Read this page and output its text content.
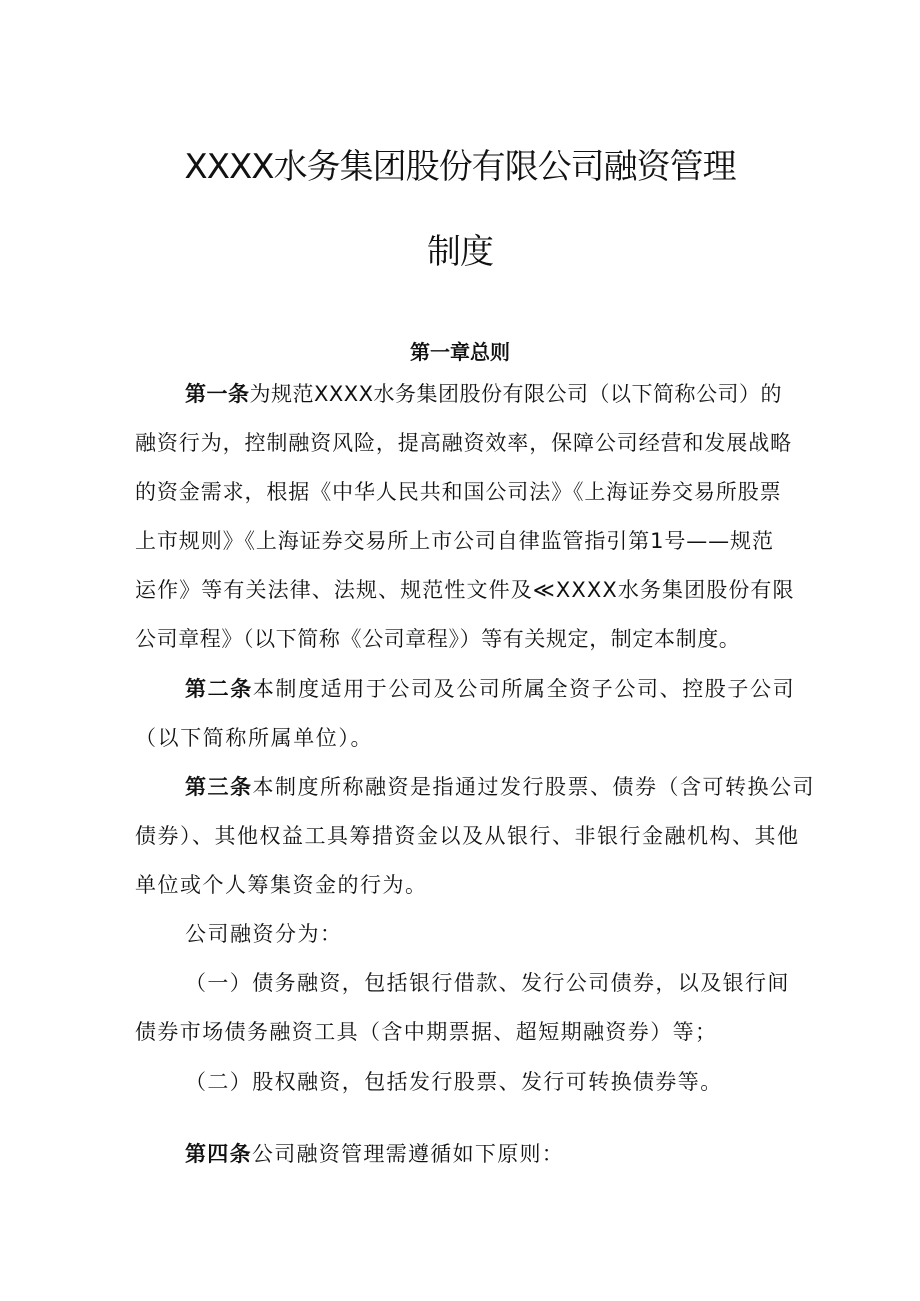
XXXX水务集团股份有限公司融资管理
制度
第一章总则

第一条为规范XXXX水务集团股份有限公司（以下简称公司）的

融资行为，控制融资风险，提高融资效率，保障公司经营和发展战略

的资金需求，根据《中华人民共和国公司法》《上海证券交易所股票

上市规则》《上海证券交易所上市公司自律监管指引第1号——规范

运作》等有关法律、法规、规范性文件及≪XXXX水务集团股份有限

公司章程》（以下简称《公司章程》）等有关规定，制定本制度。

第二条本制度适用于公司及公司所属全资子公司、控股子公司

（以下简称所属单位）。

第三条本制度所称融资是指通过发行股票、债券（含可转换公司

债券）、其他权益工具筹措资金以及从银行、非银行金融机构、其他

单位或个人筹集资金的行为。

公司融资分为：

（一）债务融资，包括银行借款、发行公司债券，以及银行间

债券市场债务融资工具（含中期票据、超短期融资券）等；

（二）股权融资，包括发行股票、发行可转换债券等。

第四条公司融资管理需遵循如下原则：
